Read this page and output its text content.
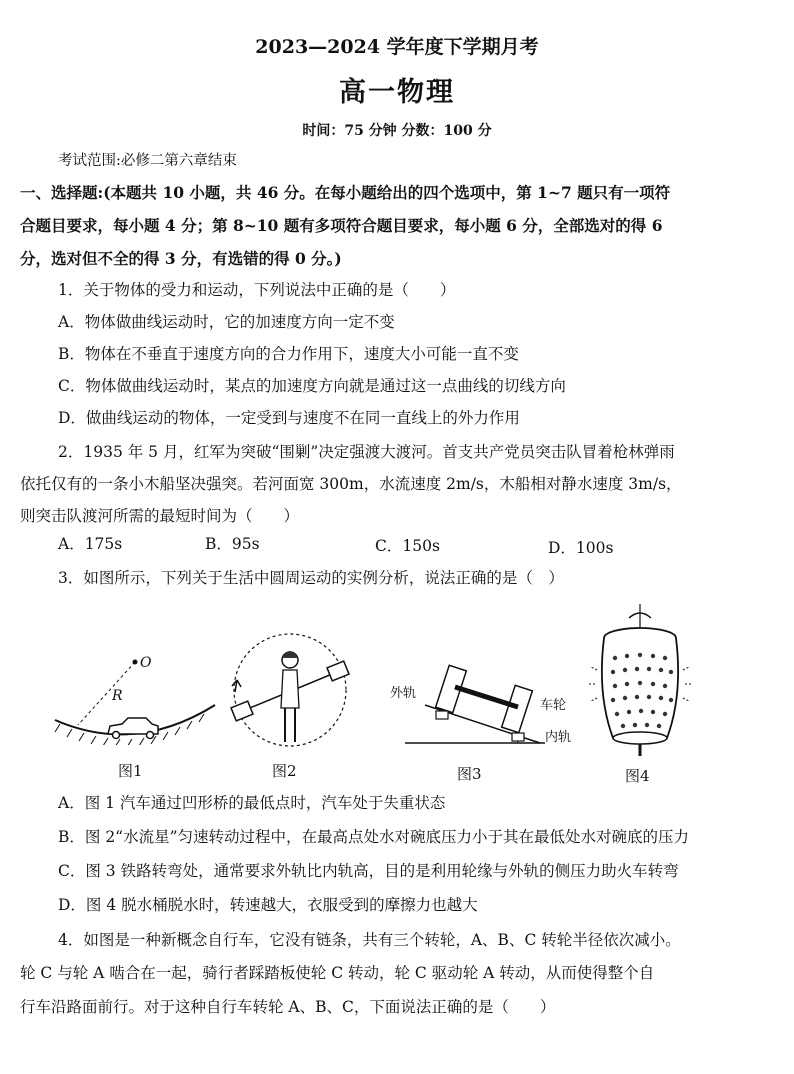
2023—2024 学年度下学期月考
高一物理
时间：75 分钟 分数：100 分
考试范围:必修二第六章结束
一、选择题:(本题共 10 小题，共 46 分。在每小题给出的四个选项中，第 1~7 题只有一项符
合题目要求，每小题 4 分；第 8~10 题有多项符合题目要求，每小题 6 分，全部选对的得 6
分，选对但不全的得 3 分，有选错的得 0 分。)
1．关于物体的受力和运动，下列说法中正确的是（　　）
A．物体做曲线运动时，它的加速度方向一定不变
B．物体在不垂直于速度方向的合力作用下，速度大小可能一直不变
C．物体做曲线运动时，某点的加速度方向就是通过这一点曲线的切线方向
D．做曲线运动的物体，一定受到与速度不在同一直线上的外力作用
2．1935 年 5 月，红军为突破“围剿”决定强渡大渡河。首支共产党员突击队冒着枪林弹雨
依托仅有的一条小木船坚决强突。若河面宽 300m，水流速度 2m/s，木船相对静水速度 3m/s，
则突击队渡河所需的最短时间为（　　）
A．175s	B．95s	C．150s	D．100s
3．如图所示，下列关于生活中圆周运动的实例分析，说法正确的是（　）
O
R
图1	图2
外轨
车轮
内轨
图3	图4
A．图 1 汽车通过凹形桥的最低点时，汽车处于失重状态
B．图 2“水流星”匀速转动过程中，在最高点处水对碗底压力小于其在最低处水对碗底的压力
C．图 3 铁路转弯处，通常要求外轨比内轨高，目的是利用轮缘与外轨的侧压力助火车转弯
D．图 4 脱水桶脱水时，转速越大，衣服受到的摩擦力也越大
4．如图是一种新概念自行车，它没有链条，共有三个转轮，A、B、C 转轮半径依次减小。
轮 C 与轮 A 啮合在一起，骑行者踩踏板使轮 C 转动，轮 C 驱动轮 A 转动，从而使得整个自
行车沿路面前行。对于这种自行车转轮 A、B、C，下面说法正确的是（　　）
